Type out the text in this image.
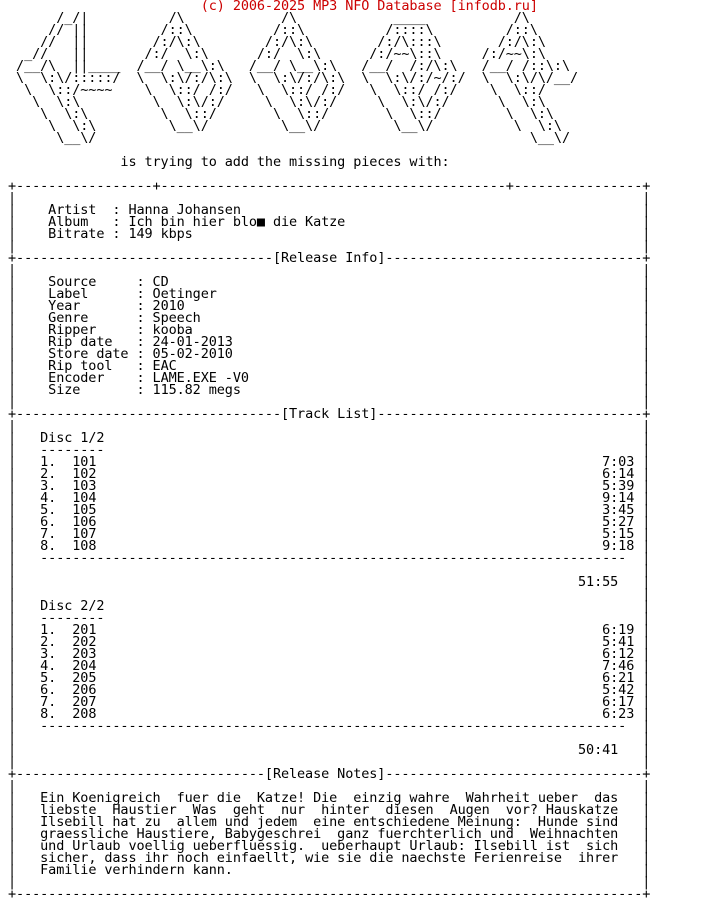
(c) 2006-2025 MP3 NFO Database [infodb.ru]
/_/|          /\            /\            ____           /\
// ||         /::\          /::\          /::::\         /::\
//  ||        /:/\:\        /:/\:\        /:/\:::\       /:/\:\
_//   ||       /:/  \:\      /:/  \:\      /:/~~\::\     /:/~~\:\
/__/\  ||____  /__/ \__\:\   /__/ \__\:\   /__/  /:/\:\   /__/ /::\:\
\  \:\/:::::/  \  \:\/:/\:\  \  \:\/:/\:\  \  \:\/:/~/:/  \  \:\/\/__/
\  \::/~~~~    \  \::/ /:/   \  \::/ /:/   \  \::/ /:/    \  \::/
\  \:\         \  \:\/:/     \  \:\/:/     \  \:\/:/      \  \:\
\  \:\         \  \::/       \  \::/       \  \::/        \  \:\
\  \:\         \__\/         \__\/         \__\/          \  \:\
\__\/                                                      \__\/

is trying to add the missing pieces with:

+-----------------+-------------------------------------------+----------------+
|                                                                              |
|    Artist  : Hanna Johansen                                                  |
|    Album   : Ich bin hier blo■ die Katze                                     |
|    Bitrate : 149 kbps                                                        |
|                                                                              |
+--------------------------------[Release Info]--------------------------------+
|                                                                              |
|    Source     : CD                                                           |
|    Label      : Oetinger                                                     |
|    Year       : 2010                                                         |
|    Genre      : Speech                                                       |
|    Ripper     : kooba                                                        |
|    Rip date   : 24-01-2013                                                   |
|    Store date : 05-02-2010                                                   |
|    Rip tool   : EAC                                                          |
|    Encoder    : LAME.EXE -V0                                                 |
|    Size       : 115.82 megs                                                  |
|                                                                              |
+---------------------------------[Track List]---------------------------------+
|                                                                              |
| Disc 1/2                                                                   |
|   --------                                                                   |
|   1.  101	7:03 |
|   2.  102	6:14 |
|   3.  103	5:39 |
|   4.  104	9:14 |
|   5.  105	3:45 |
|   6.  106	5:27 |
|   7.  107	5:15 |
|   8.  108	9:18 |
|   -------------------------------------------------------------------------  |
|                                                                              |
|	51:55 |
|                                                                              |
| Disc 2/2                                                                   |
|   --------                                                                   |
|   1.  201	6:19 |
|   2.  202	5:41 |
|   3.  203	6:12 |
|   4.  204	7:46 |
|   5.  205	6:21 |
|   6.  206	5:42 |
|   7.  207	6:17 |
|   8.  208	6:23 |
|   -------------------------------------------------------------------------  |
|                                                                              |
|	50:41 |
|                                                                              |
+-------------------------------[Release Notes]--------------------------------+
|                                                                              |
| Ein Koenigreich  fuer die  Katze! Die  einzig wahre  Wahrheit ueber  das   |
| liebste  Haustier  Was  geht  nur  hinter  diesen  Augen  vor? Hauskatze   |
| Ilsebill hat zu  allem und jedem  eine entschiedene Meinung:  Hunde sind   |
| graessliche Haustiere, Babygeschrei  ganz fuerchterlich und  Weihnachten   |
| und Urlaub voellig ueberfluessig.  ueberhaupt Urlaub: Ilsebill ist  sich   |
| sicher, dass ihr noch einfaellt, wie sie die naechste Ferienreise  ihrer   |
| Familie verhindern kann.                                                   |
|                                                                              |
+------------------------------------------------------------------------------+
